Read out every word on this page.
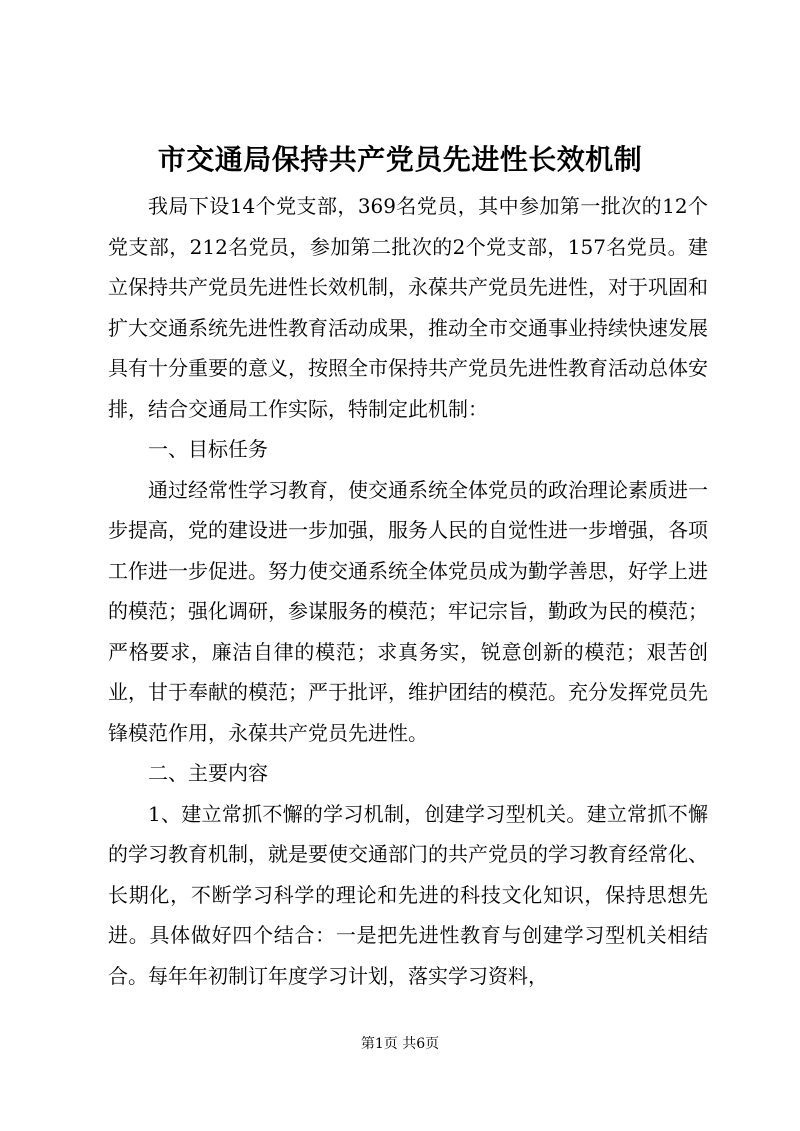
市交通局保持共产党员先进性长效机制

我局下设14个党支部，369名党员，其中参加第一批次的12个党支部，212名党员，参加第二批次的2个党支部，157名党员。建立保持共产党员先进性长效机制，永葆共产党员先进性，对于巩固和扩大交通系统先进性教育活动成果，推动全市交通事业持续快速发展具有十分重要的意义，按照全市保持共产党员先进性教育活动总体安排，结合交通局工作实际，特制定此机制：

一、目标任务

通过经常性学习教育，使交通系统全体党员的政治理论素质进一步提高，党的建设进一步加强，服务人民的自觉性进一步增强，各项工作进一步促进。努力使交通系统全体党员成为勤学善思，好学上进的模范；强化调研，参谋服务的模范；牢记宗旨，勤政为民的模范；严格要求，廉洁自律的模范；求真务实，锐意创新的模范；艰苦创业，甘于奉献的模范；严于批评，维护团结的模范。充分发挥党员先锋模范作用，永葆共产党员先进性。

二、主要内容

1、建立常抓不懈的学习机制，创建学习型机关。建立常抓不懈的学习教育机制，就是要使交通部门的共产党员的学习教育经常化、长期化，不断学习科学的理论和先进的科技文化知识，保持思想先进。具体做好四个结合：一是把先进性教育与创建学习型机关相结合。每年年初制订年度学习计划，落实学习资料，

第1页 共6页
